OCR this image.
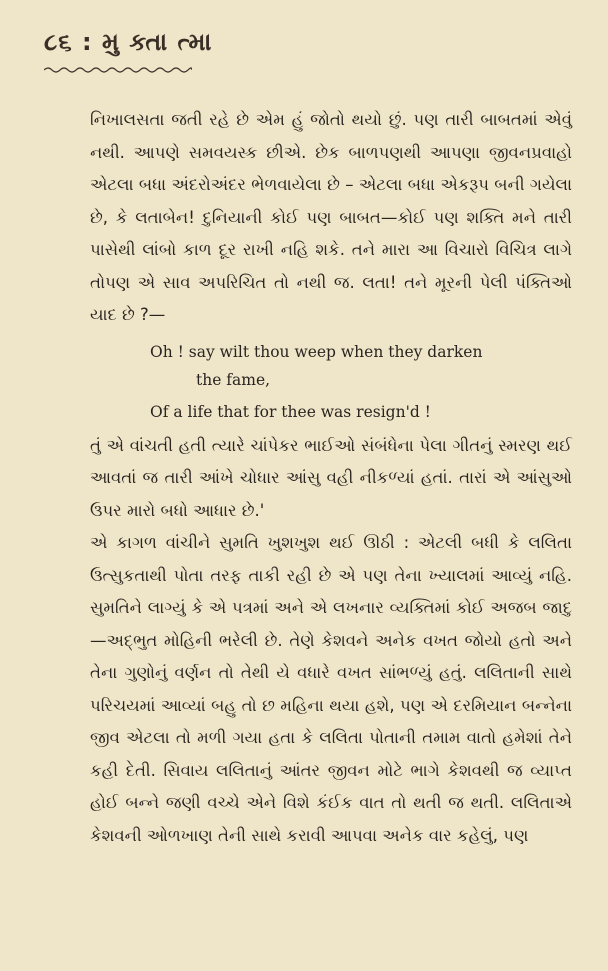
૮૬ : મુ ક્તા ત્મા

નિખાલસતા જતી રહે છે એમ હું જોતો થયો છું. પણ તારી બાબતમાં એવું નથી. આપણે સમવયસ્ક છીએ. છેક બાળપણથી આપણા જીવનપ્રવાહો એટલા બધા અંદરોઅંદર ભેળવાયેલા છે – એટલા બધા એકરૂપ બની ગયેલા છે, કે લતાબેન! દુનિયાની કોઈ પણ બાબત—કોઈ પણ શક્તિ મને તારી પાસેથી લાંબો કાળ દૂર રાખી નહિ શકે. તને મારા આ વિચારો વિચિત્ર લાગે તોપણ એ સાવ અપરિચિત તો નથી જ. લતા! તને મૂરની પેલી પંક્તિઓ યાદ છે ?—

Oh ! say wilt thou weep when they darken
the fame,
Of a life that for thee was resign'd !

તું એ વાંચતી હતી ત્યારે ચાંપેકર ભાઈઓ સંબંધેના પેલા ગીતનું સ્મરણ થઈ આવતાં જ તારી આંખે ચોધાર આંસુ વહી નીકળ્યાં હતાં. તારાં એ આંસુઓ ઉપર મારો બધો આધાર છે.'

એ કાગળ વાંચીને સુમતિ ખુશખુશ થઈ ઊઠી : એટલી બધી કે લલિતા ઉત્સુકતાથી પોતા તરફ તાકી રહી છે એ પણ તેના ખ્યાલમાં આવ્યું નહિ. સુમતિને લાગ્યું કે એ પત્રમાં અને એ લખનાર વ્યક્તિમાં કોઈ અજબ જાદુ—અદ્ભુત મોહિની ભરેલી છે. તેણે કેશવને અનેક વખત જોયો હતો અને તેના ગુણોનું વર્ણન તો તેથી યે વધારે વખત સાંભળ્યું હતું. લલિતાની સાથે પરિચયમાં આવ્યાં બહુ તો છ મહિના થયા હશે, પણ એ દરમિયાન બન્નેના જીવ એટલા તો મળી ગયા હતા કે લલિતા પોતાની તમામ વાતો હમેશાં તેને કહી દેતી. સિવાય લલિતાનું આંતર જીવન મોટે ભાગે કેશવથી જ વ્યાપ્ત હોઈ બન્ને જણી વચ્ચે એને વિશે કંઈક વાત તો થતી જ થતી. લલિતાએ કેશવની ઓળખાણ તેની સાથે કરાવી આપવા અનેક વાર કહેલું, પણ
